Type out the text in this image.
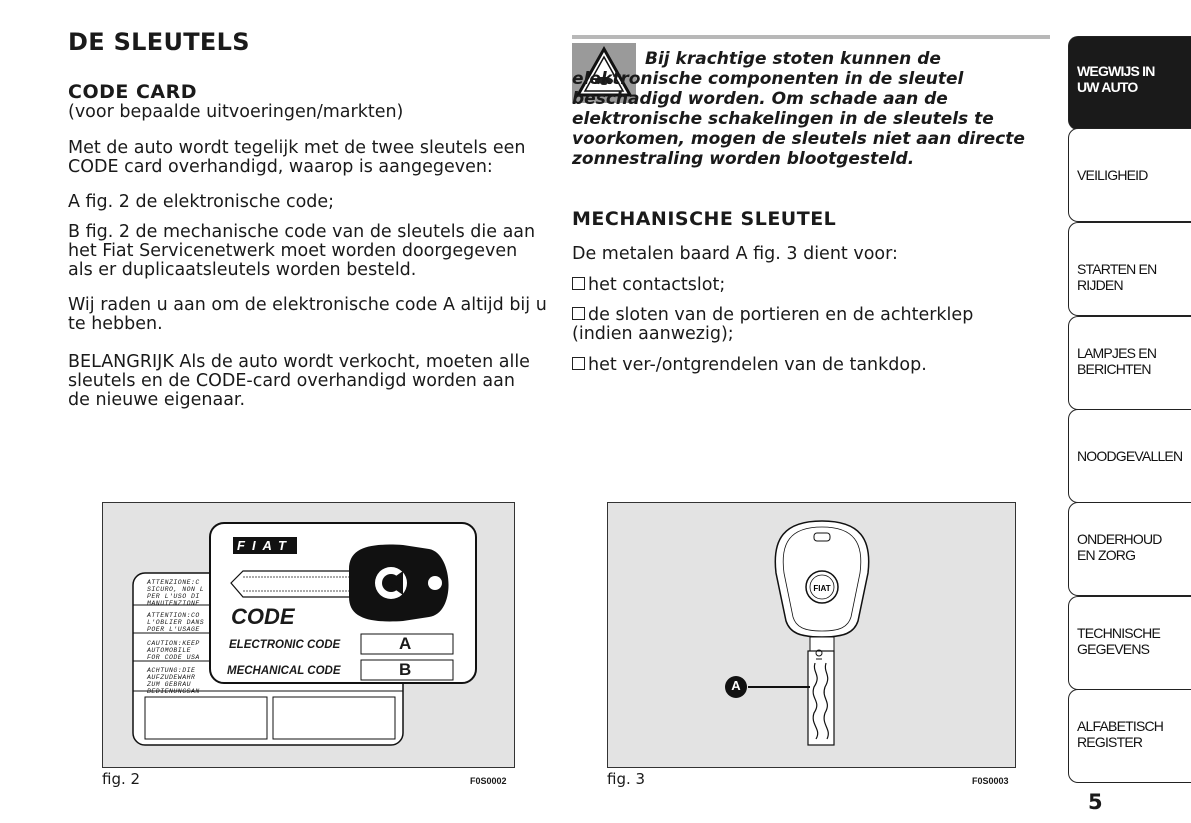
DE SLEUTELS
CODE CARD
(voor bepaalde uitvoeringen/markten)

Met de auto wordt tegelijk met de twee sleutels een CODE card overhandigd, waarop is aangegeven:

A fig. 2 de elektronische code;

B fig. 2 de mechanische code van de sleutels die aan het Fiat Servicenetwerk moet worden doorgegeven als er duplicaatsleutels worden besteld.

Wij raden u aan om de elektronische code A altijd bij u te hebben.

BELANGRIJK Als de auto wordt verkocht, moeten alle sleutels en de CODE-card overhandigd worden aan de nieuwe eigenaar.

Bij krachtige stoten kunnen de elektronische componenten in de sleutel beschadigd worden. Om schade aan de elektronische schakelingen in de sleutels te voorkomen, mogen de sleutels niet aan directe zonnestraling worden blootgesteld.
MECHANISCHE SLEUTEL

De metalen baard A fig. 3 dient voor:

het contactslot;
de sloten van de portieren en de achterklep (indien aanwezig);
het ver-/ontgrendelen van de tankdop.
ATTENZIONE:C
SICURO, NON L
PER L'USO DI
MANUTENZIONE
ATTENTION:CO
L'OBLIER DANS
POER L'USAGE
CAUTION:KEEP
AUTOMOBILE
FOR CODE USA
ACHTUNG:DIE
AUFZUDEWAHR
ZUM GEBRAU
BEDIENUNGSAN
FIAT
CODE
ELECTRONIC CODE
MECHANICAL CODE
A
B
fig. 2	F0S0002
FIAT
A
fig. 3	F0S0003
WEGWIJS IN UW AUTO
VEILIGHEID
STARTEN EN RIJDEN
LAMPJES EN BERICHTEN
NOODGEVALLEN
ONDERHOUD EN ZORG
TECHNISCHE GEGEVENS
ALFABETISCH REGISTER
5
